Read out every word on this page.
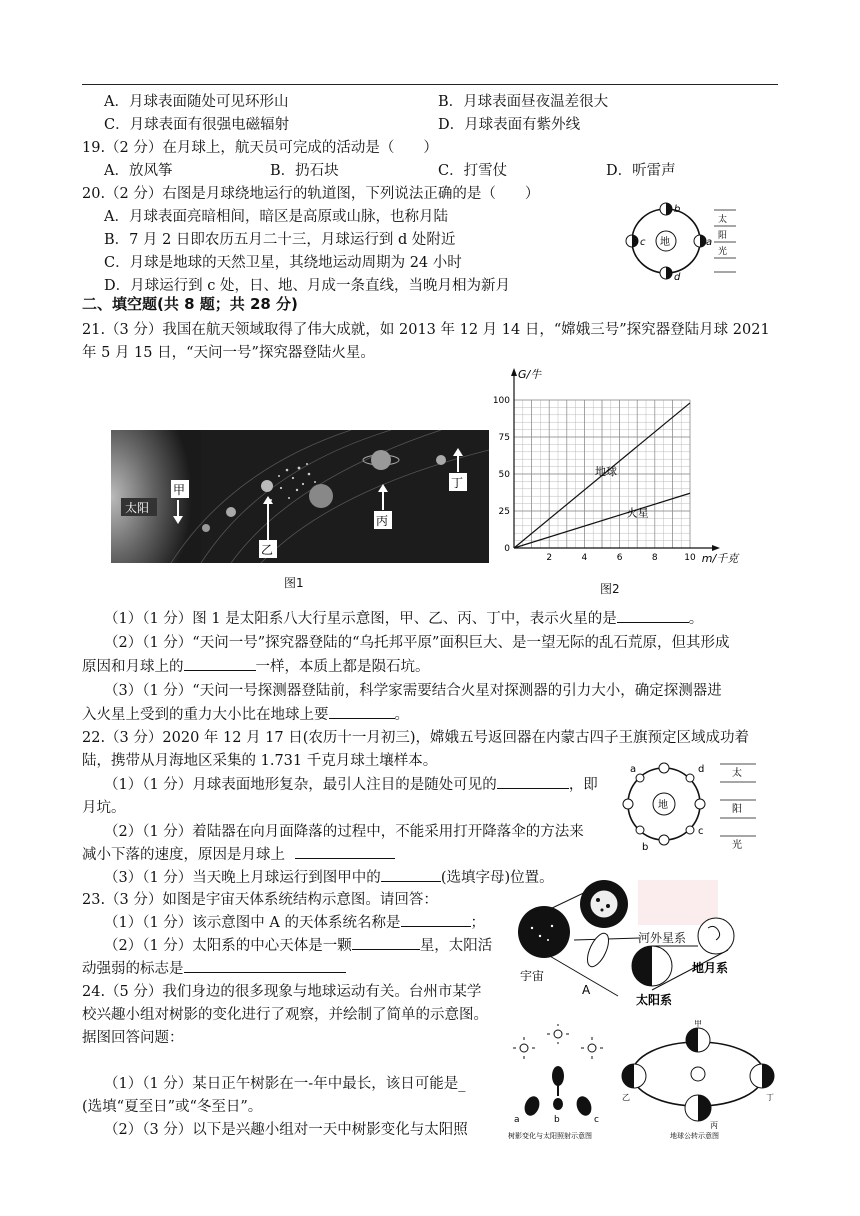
A．月球表面随处可见环形山	B．月球表面昼夜温差很大
C．月球表面有很强电磁辐射	D．月球表面有紫外线
19.（2 分）在月球上，航天员可完成的活动是（　　）
A．放风筝	B．扔石块	C．打雪仗	D．听雷声
20.（2 分）右图是月球绕地运行的轨道图，下列说法正确的是（　　）
A．月球表面亮暗相间，暗区是高原或山脉，也称月陆
B．7 月 2 日即农历五月二十三，月球运行到 d 处附近
C．月球是地球的天然卫星，其绕地运动周期为 24 小时
D．月球运行到 c 处，日、地、月成一条直线，当晚月相为新月
地
b
c	a
d
太
阳
光
二、填空题(共 8 题；共 28 分)
21.（3 分）我国在航天领域取得了伟大成就，如 2013 年 12 月 14 日，“嫦娥三号”探究器登陆月球 2021
年 5 月 15 日，“天问一号”探究器登陆火星。
太阳
甲
乙
丙
丁
图1
0
25
50
75
100
2	4	6	8	10
G/牛
m/千克
地球
火星
图2
（1）（1 分）图 1 是太阳系八大行星示意图，甲、乙、丙、丁中，表示火星的是	。
（2）（1 分）“天问一号”探究器登陆的“乌托邦平原”面积巨大、是一望无际的乱石荒原，但其形成
原因和月球上的	一样，本质上都是陨石坑。
（3）（1 分）“天问一号探测器登陆前，科学家需要结合火星对探测器的引力大小，确定探测器进
入火星上受到的重力大小比在地球上要	。
22.（3 分）2020 年 12 月 17 日(农历十一月初三)，嫦娥五号返回器在内蒙古四子王旗预定区域成功着
陆，携带从月海地区采集的 1.731 千克月球土壤样本。
（1）（1 分）月球表面地形复杂，最引人注目的是随处可见的	，即
月坑。
（2）（1 分）着陆器在向月面降落的过程中，不能采用打开降落伞的方法来
减小下落的速度，原因是月球上
（3）（1 分）当天晚上月球运行到图甲中的	(选填字母)位置。
地
a	d
b
c
太
阳
光
23.（3 分）如图是宇宙天体系统结构示意图。请回答：
（1）（1 分）该示意图中 A 的天体系统名称是	；
（2）（1 分）太阳系的中心天体是一颗	星，太阳活
动强弱的标志是
河外星系
宇宙
A
太阳系
地月系
24.（5 分）我们身边的很多现象与地球运动有关。台州市某学
校兴趣小组对树影的变化进行了观察，并绘制了简单的示意图。
据图回答问题：
（1）（1 分）某日正午树影在一-年中最长，该日可能是_
(选填“夏至日”或“冬至日”。
（2）（3 分）以下是兴趣小组对一天中树影变化与太阳照
a	b	c
树影变化与太阳照射示意图
甲
乙
丙
丁
地球公转示意图
